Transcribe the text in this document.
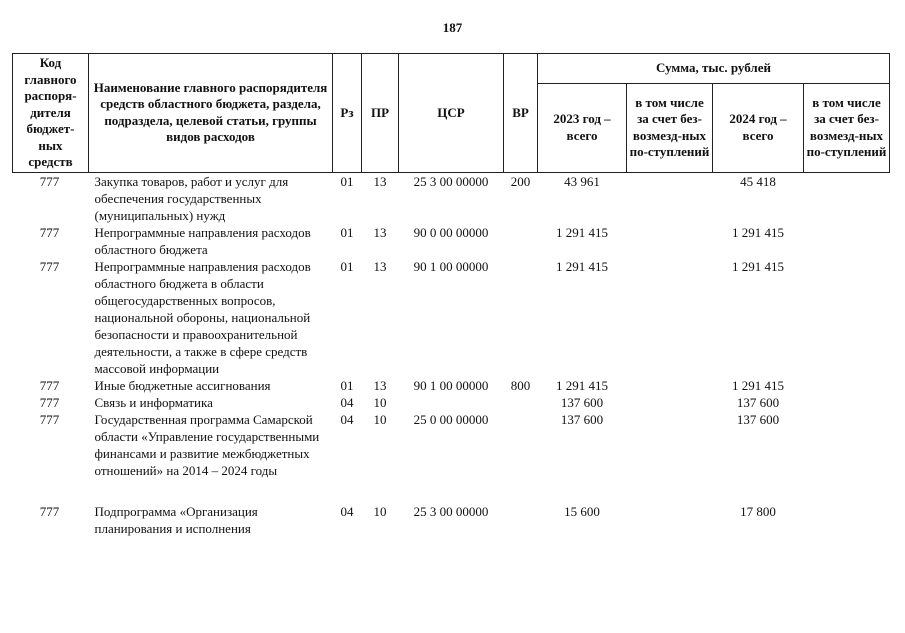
187
Код главного распоря-дителя бюджет-ных средств	Наименование главного распорядителя средств областного бюджета, раздела, подраздела, целевой статьи, группы видов расходов	Рз	ПР	ЦСР	ВР	Сумма, тыс. рублей			
						2023 год – всего	в том числе за счет без-возмезд-ных по-ступлений	2024 год – всего	в том числе за счет без-возмезд-ных по-ступлений
777	Закупка товаров, работ и услуг для обеспечения государственных (муниципальных) нужд	01	13	25 3 00 00000	200	43 961		45 418	
777	Непрограммные направления расходов областного бюджета	01	13	90 0 00 00000		1 291 415		1 291 415	
777	Непрограммные направления расходов областного бюджета в области общегосударственных вопросов, национальной обороны, национальной безопасности и правоохранительной деятельности, а также в сфере средств массовой информации	01	13	90 1 00 00000		1 291 415		1 291 415	
777	Иные бюджетные ассигнования	01	13	90 1 00 00000	800	1 291 415		1 291 415	
777	Связь и информатика	04	10			137 600		137 600	
777	Государственная программа Самарской области «Управление государственными финансами и развитие межбюджетных отношений» на 2014 – 2024 годы	04	10	25 0 00 00000		137 600		137 600	

777	Подпрограмма «Организация планирования и исполнения	04	10	25 3 00 00000		15 600		17 800	
